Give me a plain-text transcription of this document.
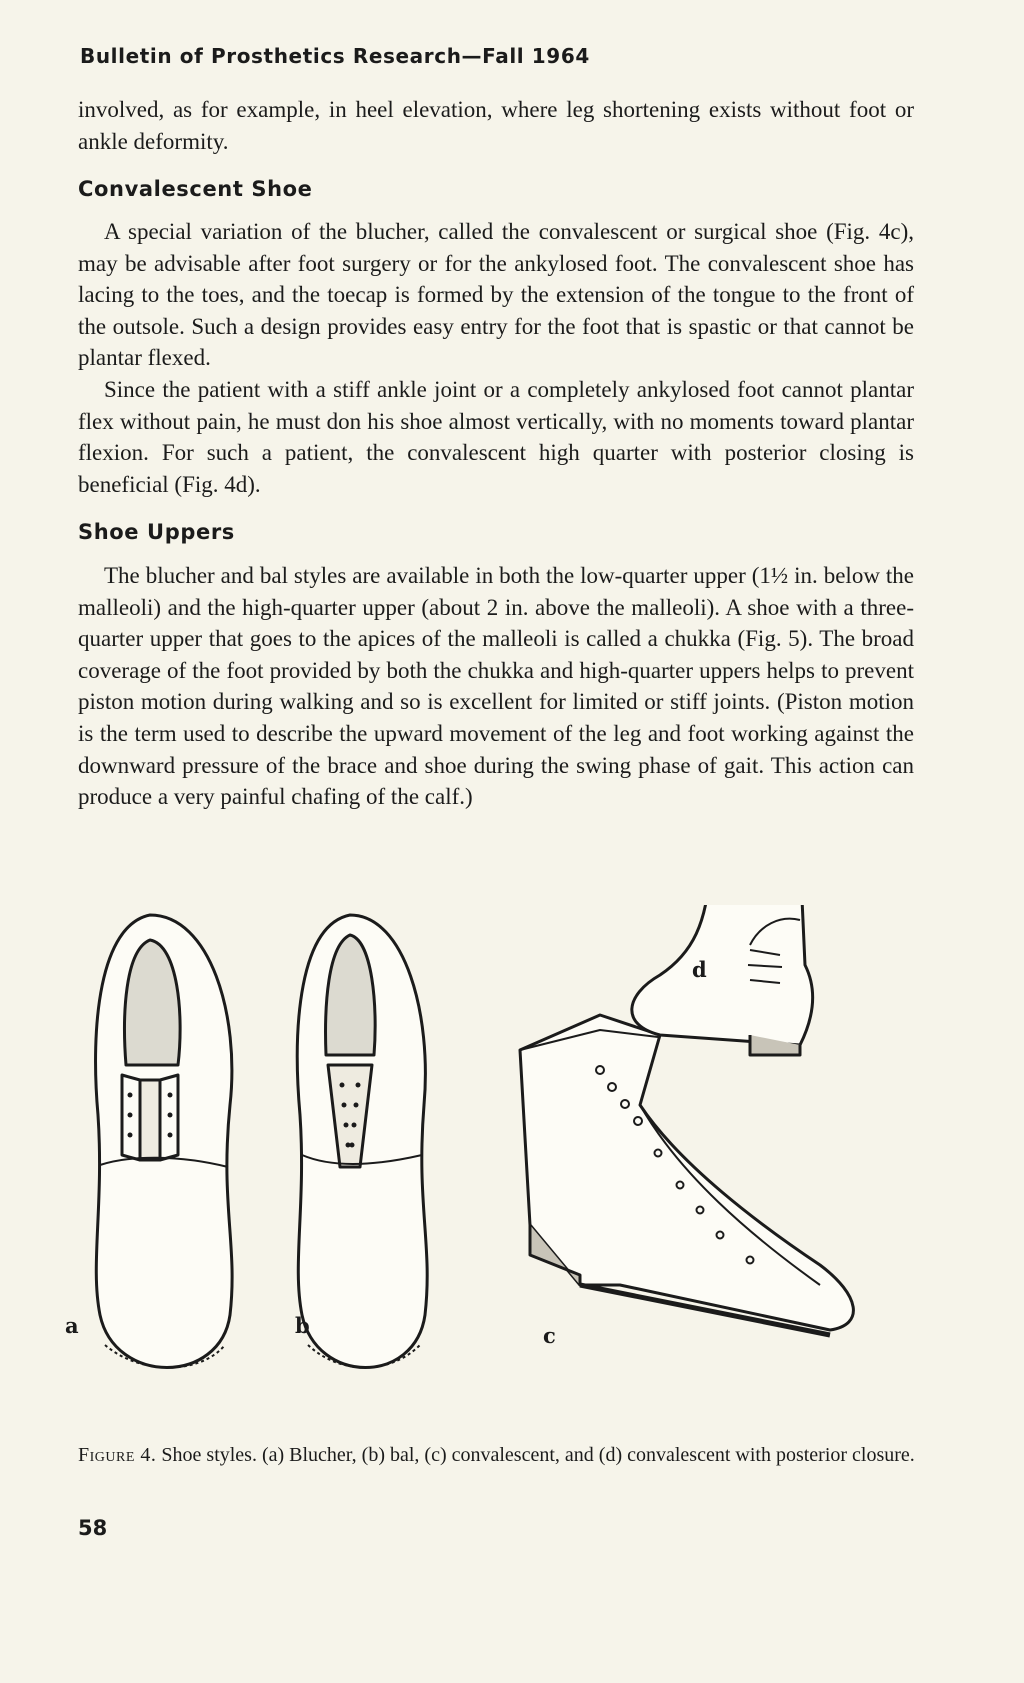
Bulletin of Prosthetics Research—Fall 1964

involved, as for example, in heel elevation, where leg shortening exists without foot or ankle deformity.

Convalescent Shoe

A special variation of the blucher, called the convalescent or surgical shoe (Fig. 4c), may be advisable after foot surgery or for the ankylosed foot. The convalescent shoe has lacing to the toes, and the toecap is formed by the extension of the tongue to the front of the outsole. Such a design provides easy entry for the foot that is spastic or that cannot be plantar flexed.

Since the patient with a stiff ankle joint or a completely ankylosed foot cannot plantar flex without pain, he must don his shoe almost vertically, with no moments toward plantar flexion. For such a patient, the convalescent high quarter with posterior closing is beneficial (Fig. 4d).

Shoe Uppers

The blucher and bal styles are available in both the low-quarter upper (1½ in. below the malleoli) and the high-quarter upper (about 2 in. above the malleoli). A shoe with a three-quarter upper that goes to the apices of the malleoli is called a chukka (Fig. 5). The broad coverage of the foot provided by both the chukka and high-quarter uppers helps to prevent piston motion during walking and so is excellent for limited or stiff joints. (Piston motion is the term used to describe the upward movement of the leg and foot working against the downward pressure of the brace and shoe during the swing phase of gait. This action can produce a very painful chafing of the calf.)

a	b	c
d
Figure 4. Shoe styles. (a) Blucher, (b) bal, (c) convalescent, and (d) convalescent with posterior closure.
58
